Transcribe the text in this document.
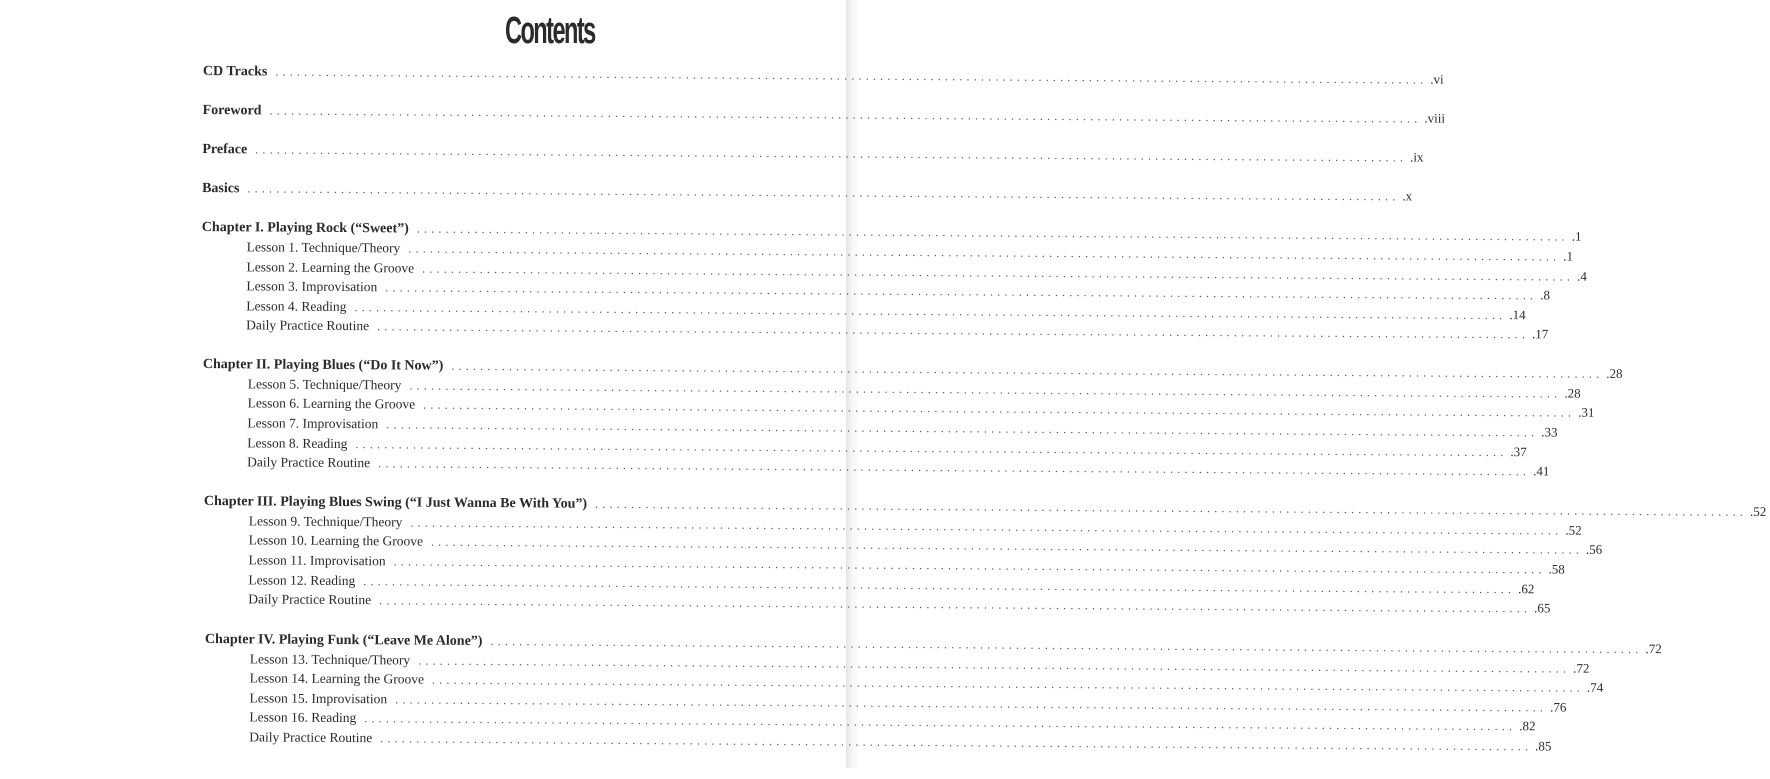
Contents
CD Tracks ................................................................................................................................................................ .vi
Foreword ................................................................................................................................................................ .viii
Preface ................................................................................................................................................................ .ix
Basics ................................................................................................................................................................ .x
Chapter I. Playing Rock (“Sweet”) ................................................................................................................................................................ .1
Lesson 1. Technique/Theory ................................................................................................................................................................ .1
Lesson 2. Learning the Groove ................................................................................................................................................................ .4
Lesson 3. Improvisation ................................................................................................................................................................ .8
Lesson 4. Reading ................................................................................................................................................................ .14
Daily Practice Routine ................................................................................................................................................................ .17
Chapter II. Playing Blues (“Do It Now”) ................................................................................................................................................................ .28
Lesson 5. Technique/Theory ................................................................................................................................................................ .28
Lesson 6. Learning the Groove ................................................................................................................................................................ .31
Lesson 7. Improvisation ................................................................................................................................................................ .33
Lesson 8. Reading ................................................................................................................................................................ .37
Daily Practice Routine ................................................................................................................................................................ .41
Chapter III. Playing Blues Swing (“I Just Wanna Be With You”) ................................................................................................................................................................ .52
Lesson 9. Technique/Theory ................................................................................................................................................................ .52
Lesson 10. Learning the Groove ................................................................................................................................................................ .56
Lesson 11. Improvisation ................................................................................................................................................................ .58
Lesson 12. Reading ................................................................................................................................................................ .62
Daily Practice Routine ................................................................................................................................................................ .65
Chapter IV. Playing Funk (“Leave Me Alone”) ................................................................................................................................................................ .72
Lesson 13. Technique/Theory ................................................................................................................................................................ .72
Lesson 14. Learning the Groove ................................................................................................................................................................ .74
Lesson 15. Improvisation ................................................................................................................................................................ .76
Lesson 16. Reading ................................................................................................................................................................ .82
Daily Practice Routine ................................................................................................................................................................ .85
